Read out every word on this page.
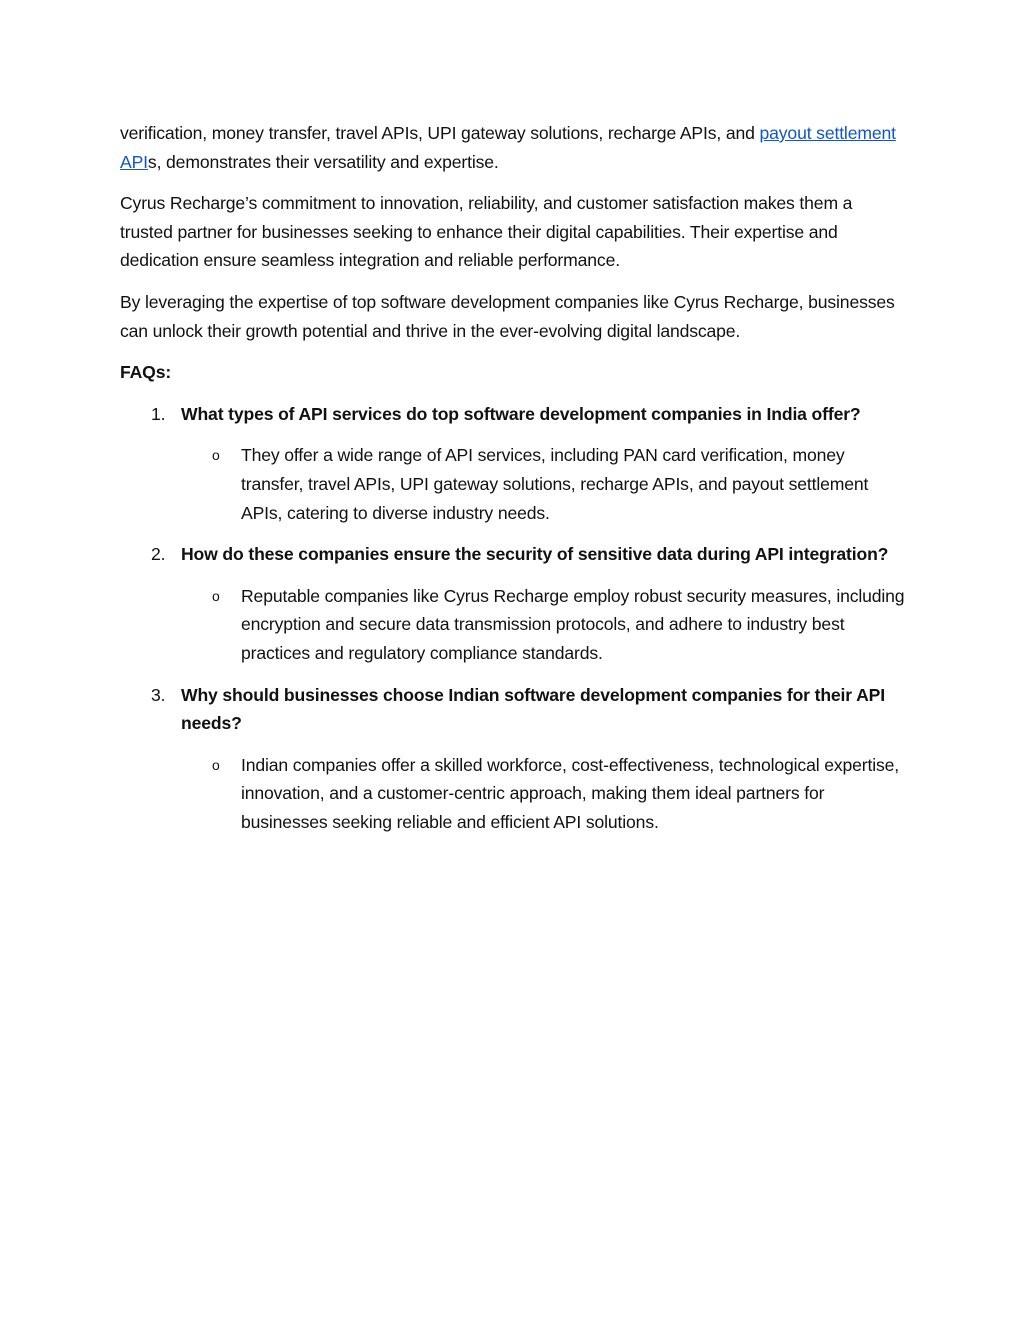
verification, money transfer, travel APIs, UPI gateway solutions, recharge APIs, and payout settlement APIs, demonstrates their versatility and expertise.

Cyrus Recharge’s commitment to innovation, reliability, and customer satisfaction makes them a trusted partner for businesses seeking to enhance their digital capabilities. Their expertise and dedication ensure seamless integration and reliable performance.

By leveraging the expertise of top software development companies like Cyrus Recharge, businesses can unlock their growth potential and thrive in the ever-evolving digital landscape.

FAQs:

1. What types of API services do top software development companies in India offer?
o They offer a wide range of API services, including PAN card verification, money transfer, travel APIs, UPI gateway solutions, recharge APIs, and payout settlement APIs, catering to diverse industry needs.
2. How do these companies ensure the security of sensitive data during API integration?
o Reputable companies like Cyrus Recharge employ robust security measures, including encryption and secure data transmission protocols, and adhere to industry best practices and regulatory compliance standards.
3. Why should businesses choose Indian software development companies for their API needs?
o Indian companies offer a skilled workforce, cost-effectiveness, technological expertise, innovation, and a customer-centric approach, making them ideal partners for businesses seeking reliable and efficient API solutions.
